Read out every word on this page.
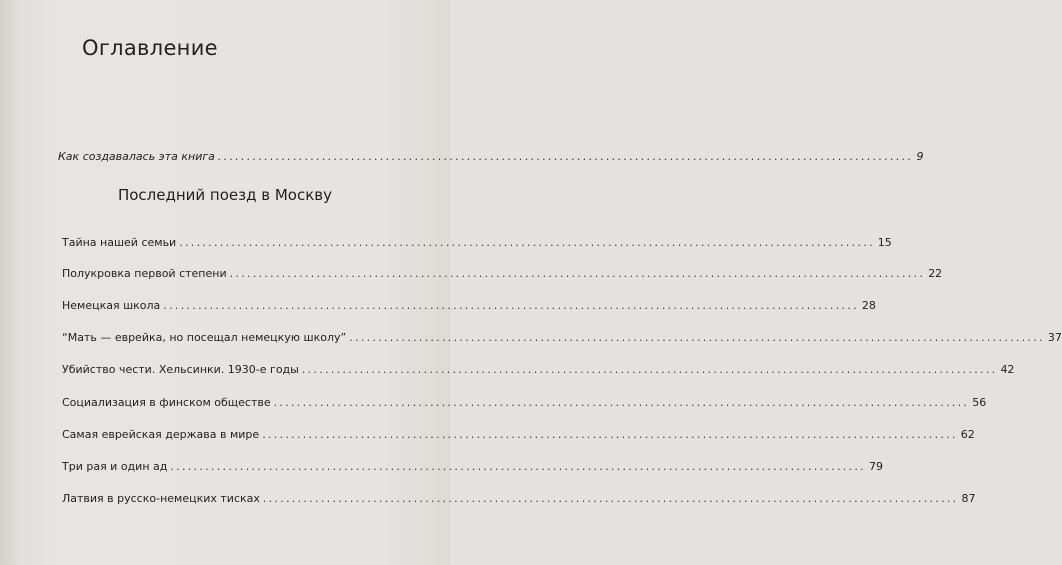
Оглавление
Как создавалась эта книга ........................................................................................................................ 9
Последний поезд в Москву
Тайна нашей семьи ........................................................................................................................ 15
Полукровка первой степени ........................................................................................................................ 22
Немецкая школа ........................................................................................................................ 28
“Мать — еврейка, но посещал немецкую школу” ........................................................................................................................ 37
Убийство чести. Хельсинки. 1930-е годы ........................................................................................................................ 42
Социализация в финском обществе ........................................................................................................................ 56
Самая еврейская держава в мире ........................................................................................................................ 62
Три рая и один ад ........................................................................................................................ 79
Латвия в русско-немецких тисках ........................................................................................................................ 87
